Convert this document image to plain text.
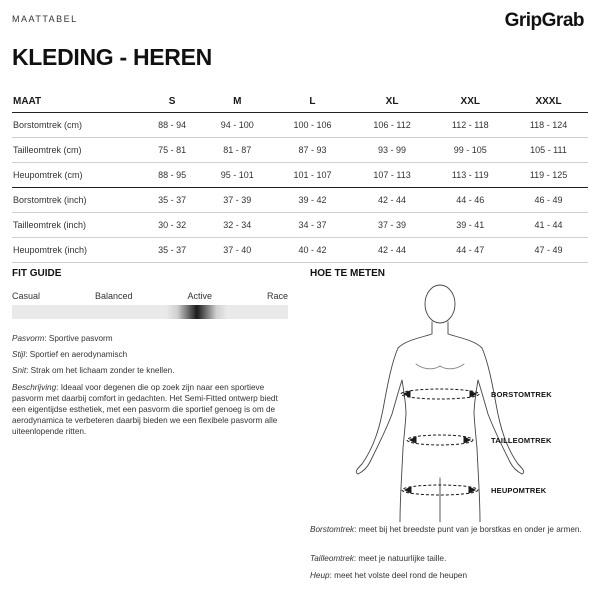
MAATTABEL	GripGrab
KLEDING - HEREN
MAAT	S	M	L	XL	XXL	XXXL
Borstomtrek (cm)	88 - 94	94 - 100	100 - 106	106 - 112	112 - 118	118 - 124
Tailleomtrek (cm)	75 - 81	81 - 87	87 - 93	93 - 99	99 - 105	105 - 111
Heupomtrek (cm)	88 - 95	95 - 101	101 - 107	107 - 113	113 - 119	119 - 125
Borstomtrek (inch)	35 - 37	37 - 39	39 - 42	42 - 44	44 - 46	46 - 49
Tailleomtrek (inch)	30 - 32	32 - 34	34 - 37	37 - 39	39 - 41	41 - 44
Heupomtrek (inch)	35 - 37	37 - 40	40 - 42	42 - 44	44 - 47	47 - 49
FIT GUIDE
Casual	Balanced	Active	Race
Pasvorm: Sportive pasvorm
Stijl: Sportief en aerodynamisch
Snit: Strak om het lichaam zonder te knellen.
Beschrijving: Ideaal voor degenen die op zoek zijn naar een sportieve pasvorm met daarbij comfort in gedachten. Het Semi-Fitted ontwerp biedt een eigentijdse esthetiek, met een pasvorm die sportief genoeg is om de aerodynamica te verbeteren daarbij bieden we een flexibele pasvorm alle uiteenlopende ritten.
HOE TE METEN
BORSTOMTREK
TAILLEOMTREK
HEUPOMTREK
Borstomtrek: meet bij het breedste punt van je borstkas en onder je armen.
Tailleomtrek: meet je natuurlijke taille.
Heup: meet het volste deel rond de heupen
